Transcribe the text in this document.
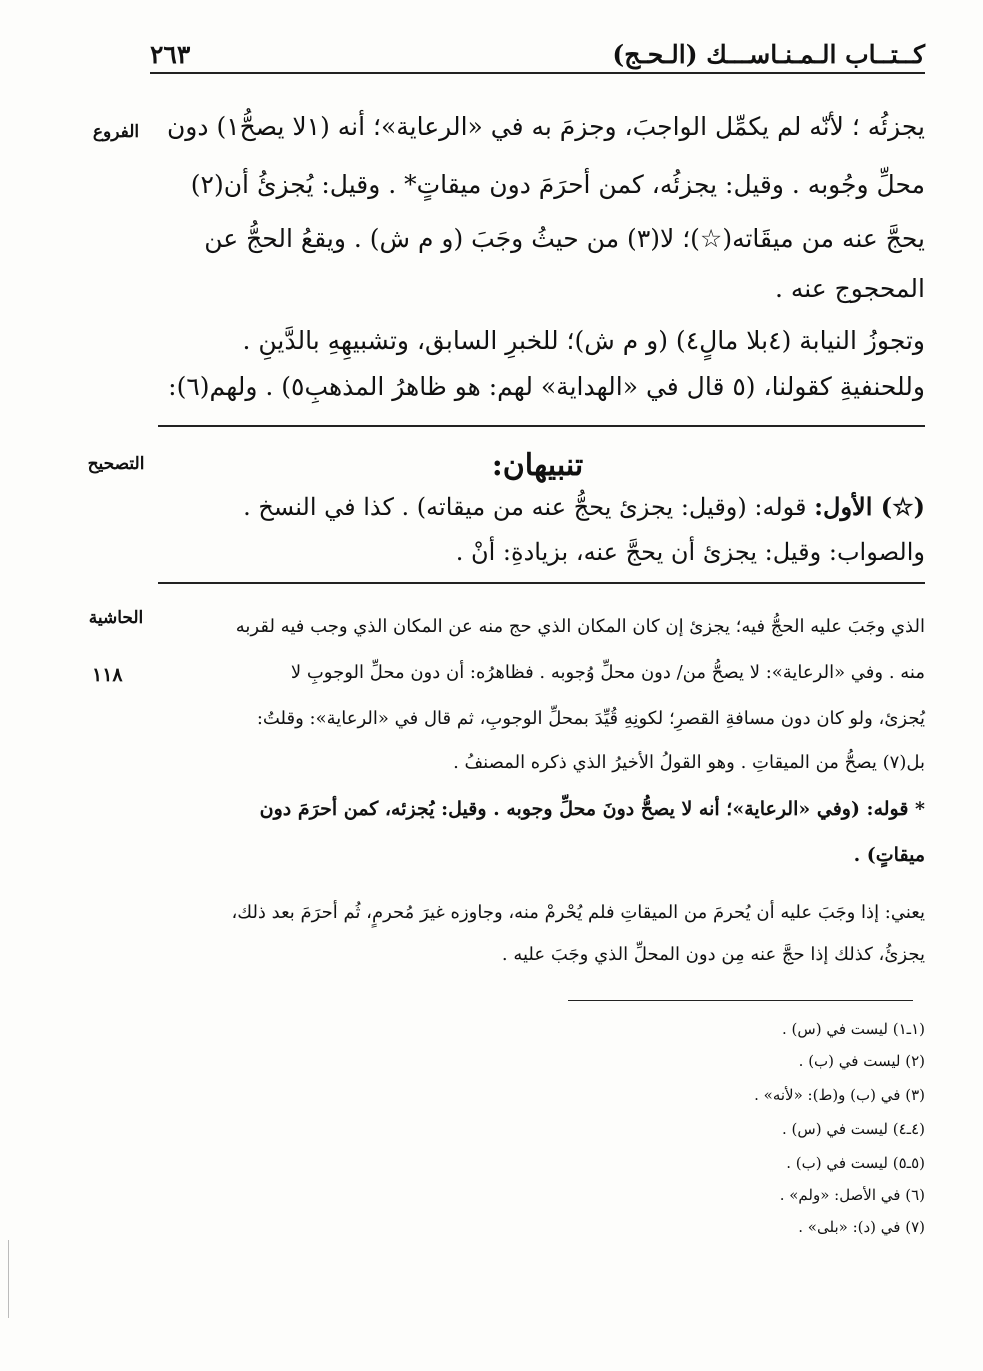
كــتــاب الـمـنـاســـك (الـحـج)
٢٦٣
الفروع	يجزئُه ؛ لأنّه لم يكمِّل الواجبَ، وجزمَ به في «الرعاية»؛ أنه (١لا يصحُّ١) دون
محلِّ وجُوبه . وقيل: يجزئُه، كمن أحرَمَ دون ميقاتٍ* . وقيل: يُجزئُ أن(٢)
يحجَّ عنه من ميقَاته(☆)؛ لا(٣) من حيثُ وجَبَ (و م ش) . ويقعُ الحجُّ عن
المحجوج عنه .
وتجوزُ النيابة (٤بلا مالٍ٤) (و م ش)؛ للخبرِ السابق، وتشبيهِهِ بالدَّينِ .
وللحنفيةِ كقولنا، (٥ قال في «الهداية» لهم: هو ظاهرُ المذهبِ٥) . ولهم(٦):
التصحيح	تنبيهان:
(☆) الأول: قوله: (وقيل: يجزئ يحجُّ عنه من ميقاته) . كذا في النسخ .
والصواب: وقيل: يجزئ أن يحجَّ عنه، بزيادةِ: أنْ .
الحاشية
١١٨
الذي وجَبَ عليه الحجُّ فيه؛ يجزئ إن كان المكان الذي حج منه عن المكان الذي وجب فيه لقربه
منه . وفي «الرعاية»: لا يصحُّ من/ دون محلِّ وُجوبه . فظاهرُه: أن دون محلِّ الوجوبِ لا
يُجزئ، ولو كان دون مسافةِ القصرِ؛ لكونِهِ قُيِّدَ بمحلِّ الوجوبِ، ثم قال في «الرعاية»: وقلتُ:
بل(٧) يصحُّ من الميقاتِ . وهو القولُ الأخيرُ الذي ذكره المصنفُ .
* قوله: (وفي «الرعاية»؛ أنه لا يصحُّ دونَ محلِّ وجوبه . وقيل: يُجزئه، كمن أحرَمَ دون
ميقاتٍ) .
يعني: إذا وجَبَ عليه أن يُحرمَ من الميقاتِ فلم يُحْرمْ منه، وجاوزه غيرَ مُحرمٍ، ثُم أحرَمَ بعد ذلك،
يجزئُ، كذلك إذا حجَّ عنه مِن دون المحلِّ الذي وجَبَ عليه .
(١ـ١) ليست في (س) .
(٢) ليست في (ب) .
(٣) في (ب) و(ط): «لأنه» .
(٤ـ٤) ليست في (س) .
(٥ـ٥) ليست في (ب) .
(٦) في الأصل: «ولم» .
(٧) في (د): «بلى» .
